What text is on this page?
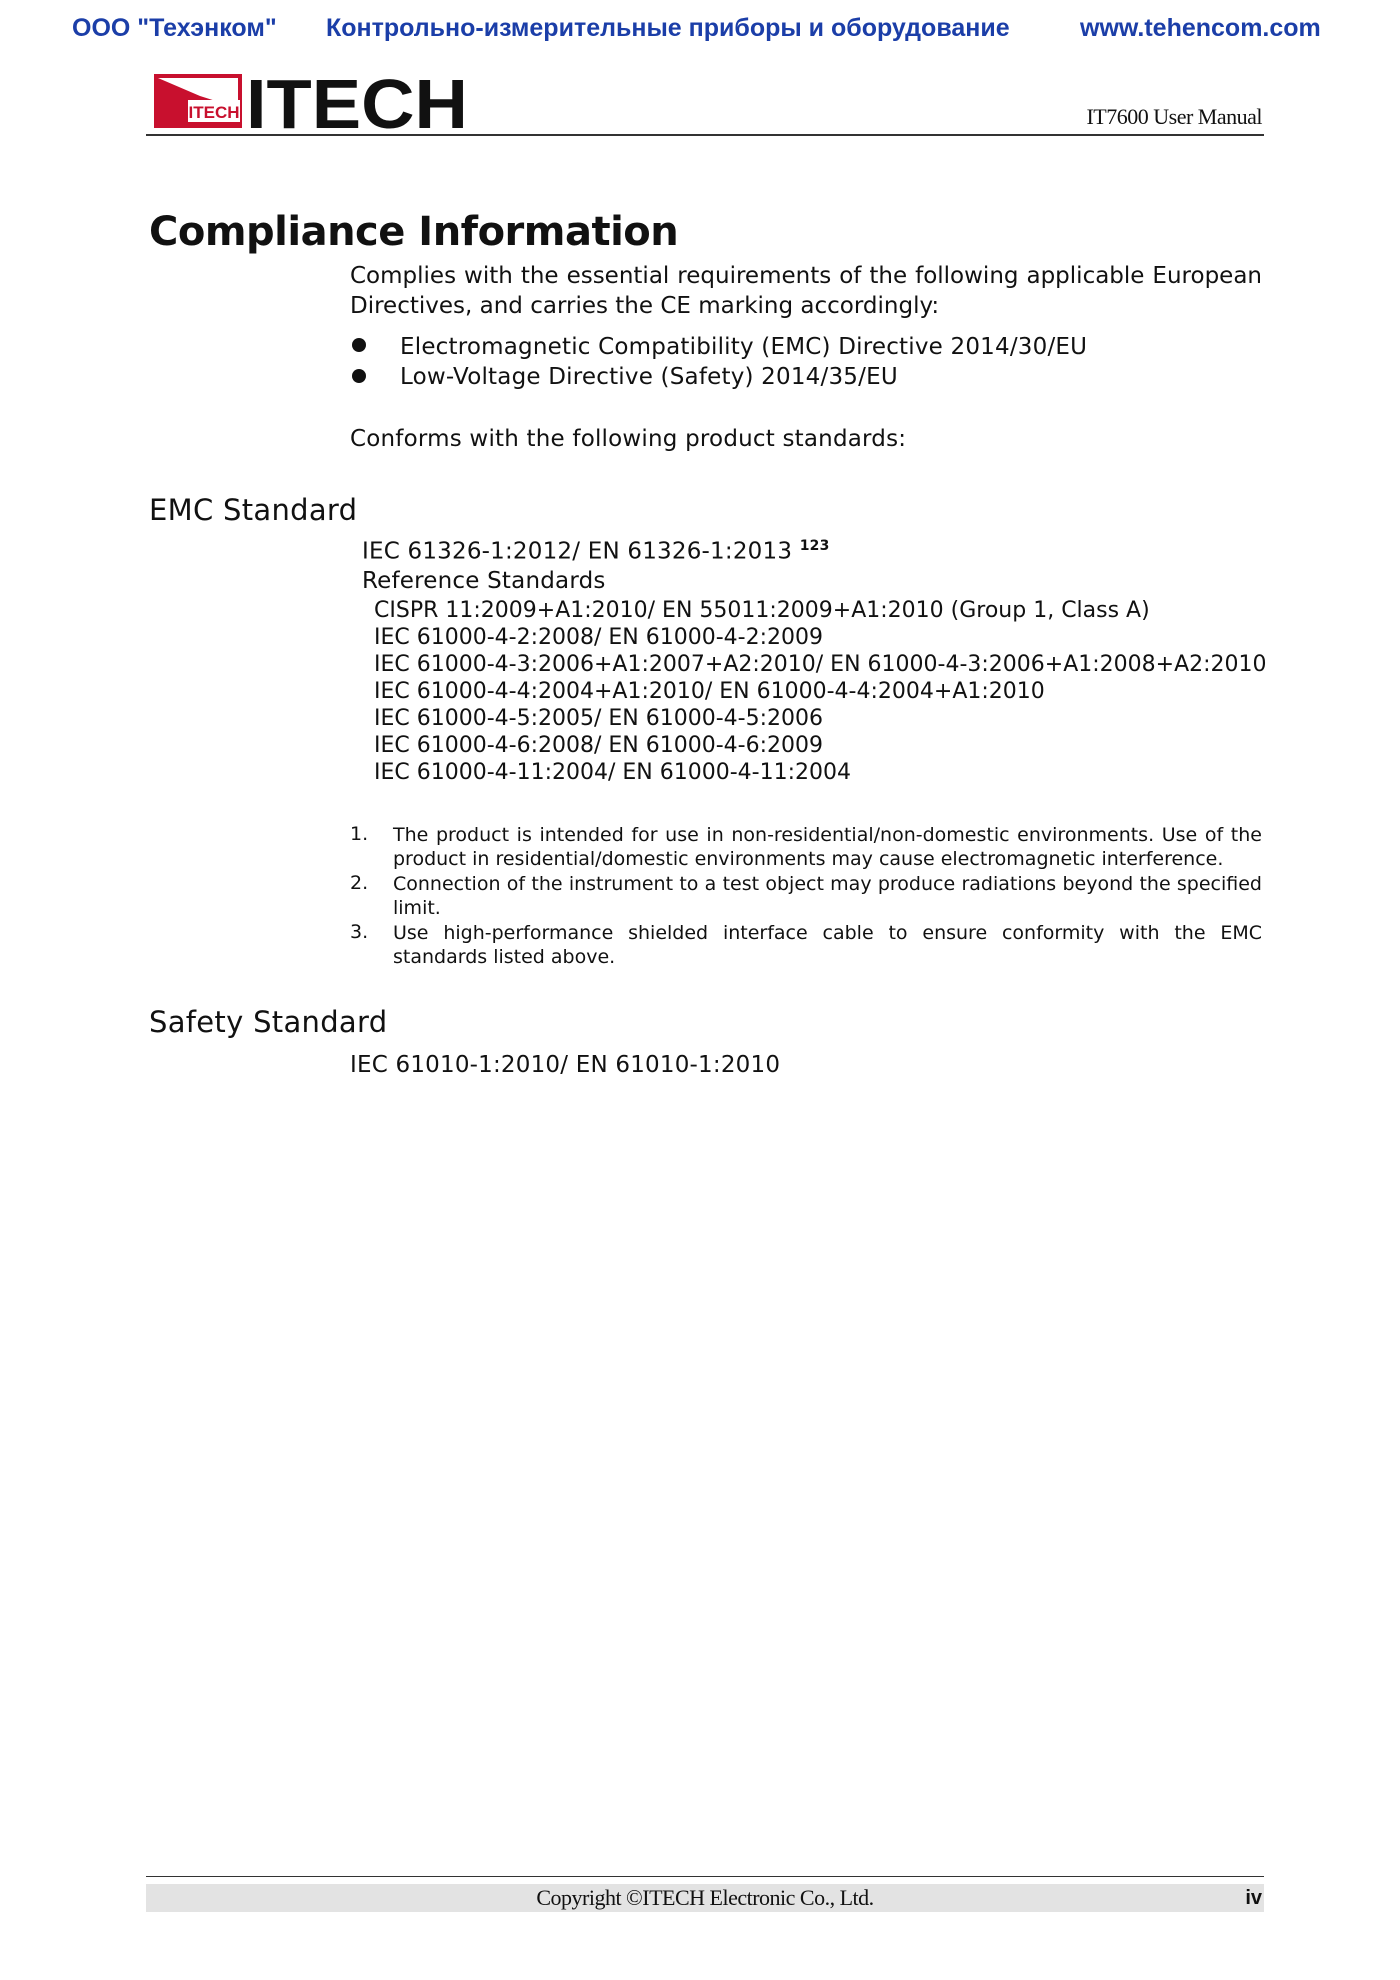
ООО "Техэнком" Контрольно-измерительные приборы и оборудование	www.tehencom.com
ITECH ITECH	IT7600 User Manual
Compliance Information
Complies with the essential requirements of the following applicable European Directives, and carries the CE marking accordingly:
Electromagnetic Compatibility (EMC) Directive 2014/30/EU
Low-Voltage Directive (Safety) 2014/35/EU
Conforms with the following product standards:
EMC Standard
IEC 61326-1:2012/ EN 61326-1:2013 $^{123}$
Reference Standards
CISPR 11:2009+A1:2010/ EN 55011:2009+A1:2010 (Group 1, Class A)
IEC 61000-4-2:2008/ EN 61000-4-2:2009
IEC 61000-4-3:2006+A1:2007+A2:2010/ EN 61000-4-3:2006+A1:2008+A2:2010
IEC 61000-4-4:2004+A1:2010/ EN 61000-4-4:2004+A1:2010
IEC 61000-4-5:2005/ EN 61000-4-5:2006
IEC 61000-4-6:2008/ EN 61000-4-6:2009
IEC 61000-4-11:2004/ EN 61000-4-11:2004
1. The product is intended for use in non-residential/non-domestic environments. Use of the product in residential/domestic environments may cause electromagnetic interference.
2. Connection of the instrument to a test object may produce radiations beyond the specified limit.
3. Use high-performance shielded interface cable to ensure conformity with the EMC standards listed above.
Safety Standard
IEC 61010-1:2010/ EN 61010-1:2010
Copyright ©ITECH Electronic Co., Ltd.	iv
